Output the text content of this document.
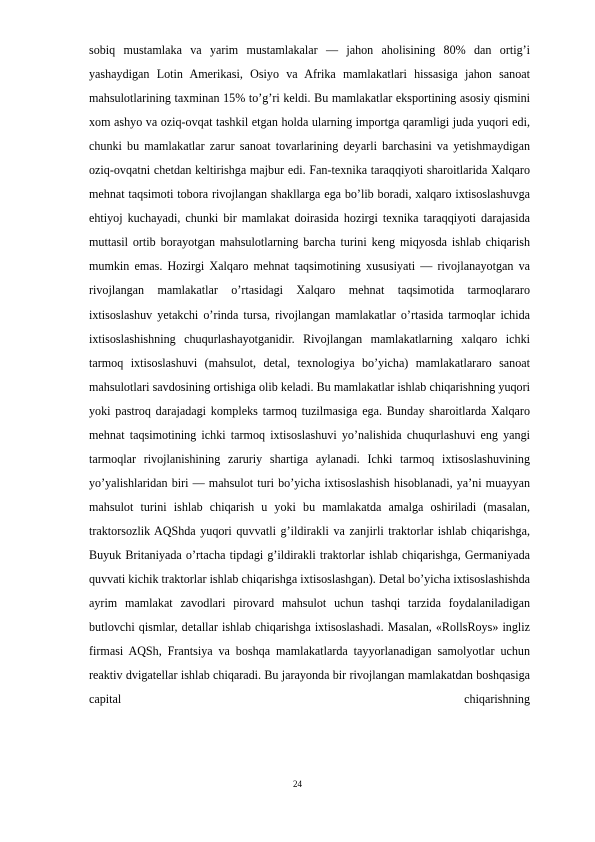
sobiq mustamlaka va yarim mustamlakalar — jahon aholisining 80% dan ortig’i yashaydigan Lotin Amerikasi, Osiyo va Afrika mamlakatlari hissasiga jahon sanoat mahsulotlarining taxminan 15% to’g’ri keldi. Bu mamlakatlar eksportining asosiy qismini xom ashyo va oziq-ovqat tashkil etgan holda ularning importga qaramligi juda yuqori edi, chunki bu mamlakatlar zarur sanoat tovarlarining deyarli barchasini va yetishmaydigan oziq-ovqatni chetdan keltirishga majbur edi. Fan-texnika taraqqiyoti sharoitlarida Xalqaro mehnat taqsimoti tobora rivojlangan shakllarga ega bo’lib boradi, xalqaro ixtisoslashuvga ehtiyoj kuchayadi, chunki bir mamlakat doirasida hozirgi texnika taraqqiyoti darajasida muttasil ortib borayotgan mahsulotlarning barcha turini keng miqyosda ishlab chiqarish mumkin emas. Hozirgi Xalqaro mehnat taqsimotining xususiyati — rivojlanayotgan va rivojlangan mamlakatlar o’rtasidagi Xalqaro mehnat taqsimotida tarmoqlararo ixtisoslashuv yetakchi o’rinda tursa, rivojlangan mamlakatlar o’rtasida tarmoqlar ichida ixtisoslashishning chuqurlashayotganidir. Rivojlangan mamlakatlarning xalqaro ichki tarmoq ixtisoslashuvi (mahsulot, detal, texnologiya bo’yicha) mamlakatlararo sanoat mahsulotlari savdosining ortishiga olib keladi. Bu mamlakatlar ishlab chiqarishning yuqori yoki pastroq darajadagi kompleks tarmoq tuzilmasiga ega. Bunday sharoitlarda Xalqaro mehnat taqsimotining ichki tarmoq ixtisoslashuvi yo’nalishida chuqurlashuvi eng yangi tarmoqlar rivojlanishining zaruriy shartiga aylanadi. Ichki tarmoq ixtisoslashuvining yo’yalishlaridan biri — mahsulot turi bo’yicha ixtisoslashish hisoblanadi, ya’ni muayyan mahsulot turini ishlab chiqarish u yoki bu mamlakatda amalga oshiriladi (masalan, traktorsozlik AQShda yuqori quvvatli g’ildirakli va zanjirli traktorlar ishlab chiqarishga, Buyuk Britaniyada o’rtacha tipdagi g’ildirakli traktorlar ishlab chiqarishga, Germaniyada quvvati kichik traktorlar ishlab chiqarishga ixtisoslashgan). Detal bo’yicha ixtisoslashishda ayrim mamlakat zavodlari pirovard mahsulot uchun tashqi tarzida foydalaniladigan butlovchi qismlar, detallar ishlab chiqarishga ixtisoslashadi. Masalan, «RollsRoys» ingliz firmasi AQSh, Frantsiya va boshqa mamlakatlarda tayyorlanadigan samolyotlar uchun reaktiv dvigatellar ishlab chiqaradi. Bu jarayonda bir rivojlangan mamlakatdan boshqasiga capital chiqarishning

24
